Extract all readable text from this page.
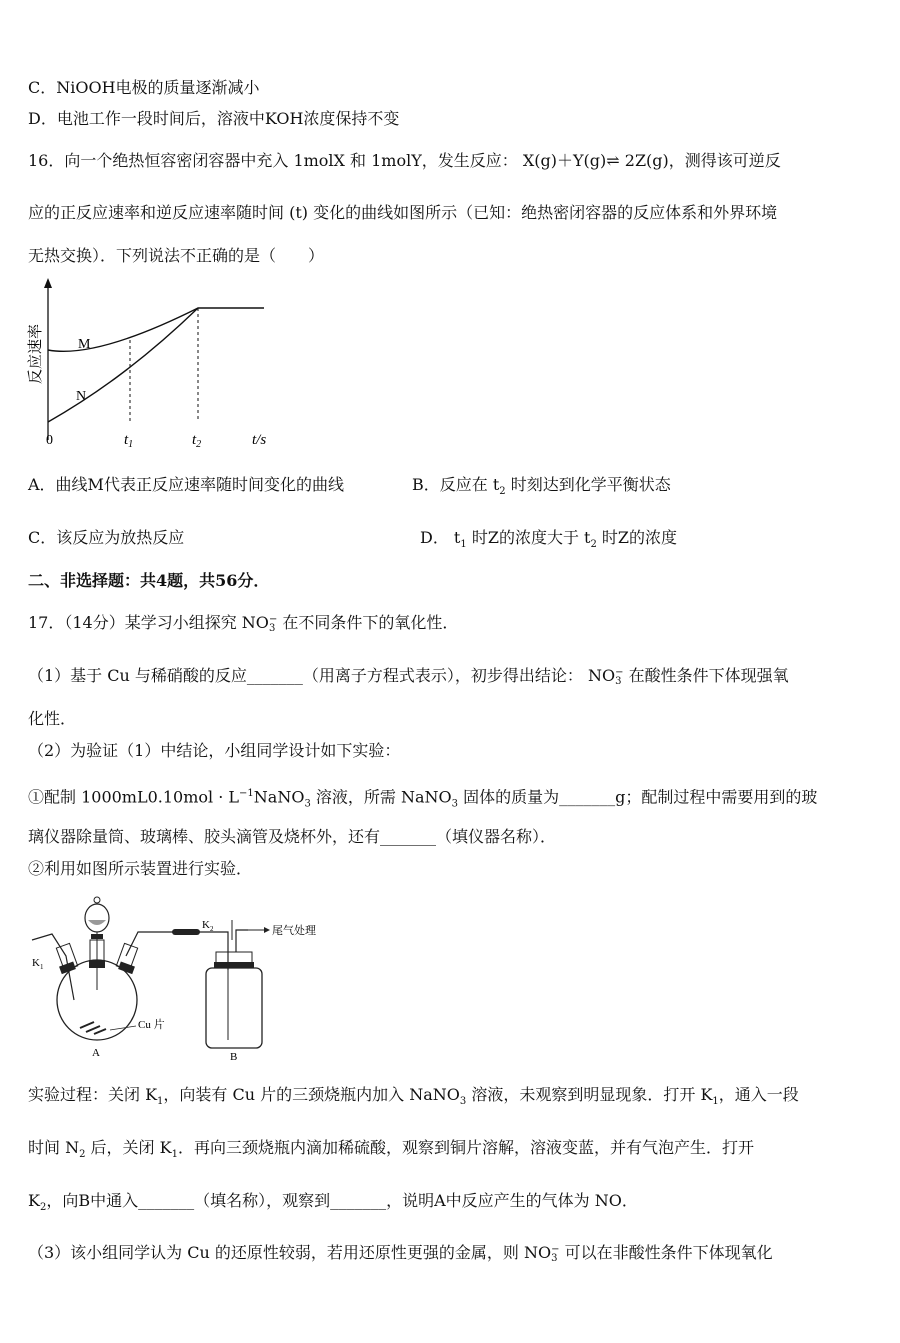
C．NiOOH电极的质量逐渐减小
D．电池工作一段时间后，溶液中KOH浓度保持不变
16．向一个绝热恒容密闭容器中充入 1molX 和 1molY，发生反应： X(g)＋Y(g)⇌ 2Z(g)，测得该可逆反
应的正反应速率和逆反应速率随时间 (t) 变化的曲线如图所示（已知：绝热密闭容器的反应体系和外界环境
无热交换）．下列说法不正确的是（　　）
反应速率 M
N
0	$t_1$	$t_2$	t/s
A．曲线M代表正反应速率随时间变化的曲线	B．反应在 $t_2$ 时刻达到化学平衡状态
C．该反应为放热反应	D． $t_1$ 时Z的浓度大于 $t_2$ 时Z的浓度
二、非选择题：共4题，共56分．
17．（14分）某学习小组探究 NO −
3 在不同条件下的氧化性．
（1）基于 Cu 与稀硝酸的反应_______（用离子方程式表示），初步得出结论： NO −
3 在酸性条件下体现强氧
化性．
（2）为验证（1）中结论，小组同学设计如下实验：
①配制 $1000mL0.10mol \cdot L^{-1}NaNO_3$ 溶液，所需 NaNO$_3$ 固体的质量为_______g；配制过程中需要用到的玻
璃仪器除量筒、玻璃棒、胶头滴管及烧杯外，还有_______（填仪器名称）．
②利用如图所示装置进行实验．
$K_1$
$K_2$	尾气处理
Cu 片
A	B
实验过程：关闭 $K_1$，向装有 Cu 片的三颈烧瓶内加入 NaNO$_3$ 溶液，未观察到明显现象．打开 $K_1$，通入一段
时间 $N_2$ 后，关闭 $K_1$．再向三颈烧瓶内滴加稀硫酸，观察到铜片溶解，溶液变蓝，并有气泡产生．打开
$K_2$，向B中通入_______（填名称），观察到_______，说明A中反应产生的气体为 NO．
（3）该小组同学认为 Cu 的还原性较弱，若用还原性更强的金属，则 NO −
3 可以在非酸性条件下体现氧化
